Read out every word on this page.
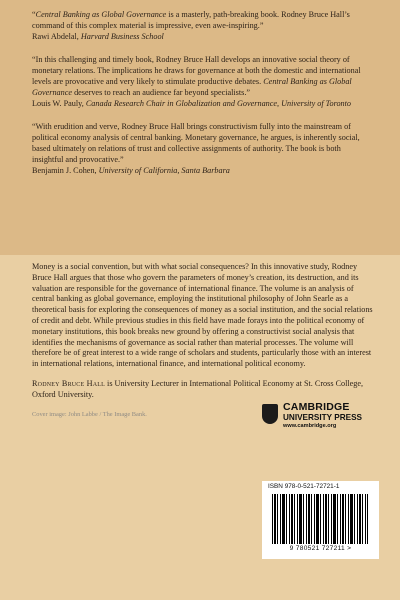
“Central Banking as Global Governance is a masterly, path-breaking book. Rodney Bruce Hall’s command of this complex material is impressive, even awe-inspiring.”

Rawi Abdelal, Harvard Business School

“In this challenging and timely book, Rodney Bruce Hall develops an innovative social theory of monetary relations. The implications he draws for governance at both the domestic and international levels are provocative and very likely to stimulate productive debates. Central Banking as Global Governance deserves to reach an audience far beyond specialists.”

Louis W. Pauly, Canada Research Chair in Globalization and Governance, University of Toronto

“With erudition and verve, Rodney Bruce Hall brings constructivism fully into the mainstream of political economy analysis of central banking. Monetary governance, he argues, is inherently social, based ultimately on relations of trust and collective assignments of authority. The book is both insightful and provocative.”

Benjamin J. Cohen, University of California, Santa Barbara

Money is a social convention, but with what social consequences? In this innovative study, Rodney Bruce Hall argues that those who govern the parameters of money’s creation, its destruction, and its valuation are responsible for the governance of international finance. The volume is an analysis of central banking as global governance, employing the institutional philosophy of John Searle as a theoretical basis for exploring the consequences of money as a social institution, and the social relations of credit and debt. While previous studies in this field have made forays into the political economy of monetary institutions, this book breaks new ground by offering a constructivist social analysis that identifies the mechanisms of governance as social rather than material processes. The volume will therefore be of great interest to a wide range of scholars and students, particularly those with an interest in international relations, international finance, and international political economy.

Rodney Bruce Hall is University Lecturer in International Political Economy at St. Cross College, Oxford University.

Cover image: John Labbe / The Image Bank.
CAMBRIDGE
UNIVERSITY PRESS
www.cambridge.org
ISBN 978-0-521-72721-1
9 780521 727211 >
